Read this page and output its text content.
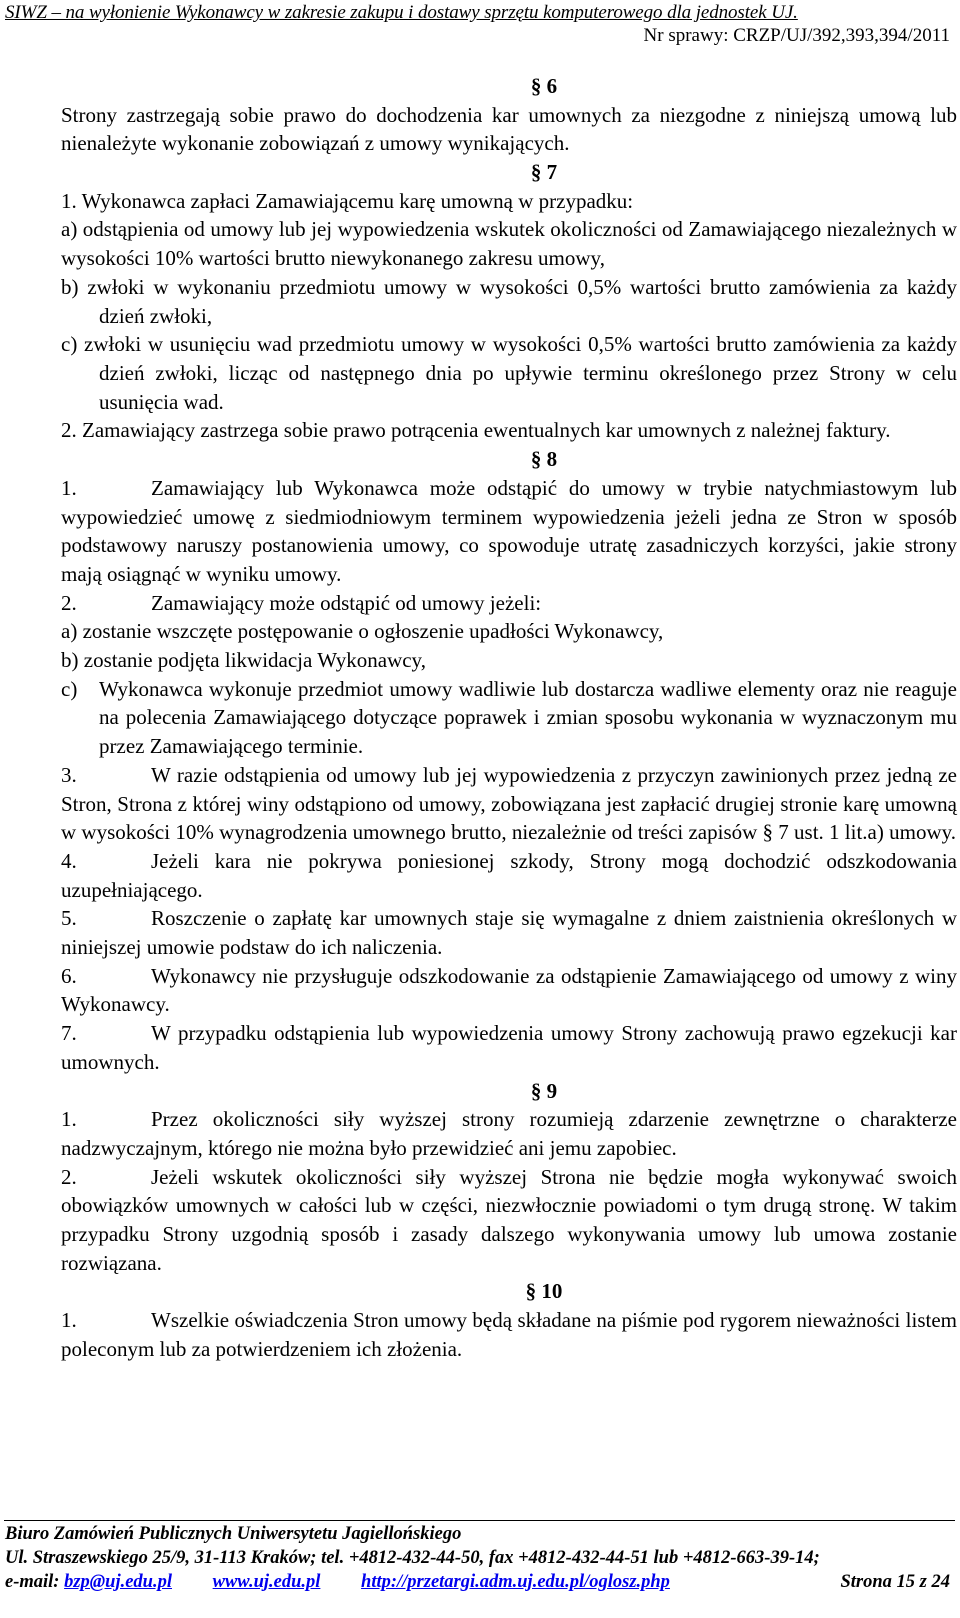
SIWZ – na wyłonienie Wykonawcy w zakresie zakupu i dostawy sprzętu komputerowego dla jednostek UJ.
Nr sprawy: CRZP/UJ/392,393,394/2011

§ 6

Strony zastrzegają sobie prawo do dochodzenia kar umownych za niezgodne z niniejszą umową lub nienależyte wykonanie zobowiązań z umowy wynikających.

§ 7

1. Wykonawca zapłaci Zamawiającemu karę umowną w przypadku:

a) odstąpienia od umowy lub jej wypowiedzenia wskutek okoliczności od Zamawiającego niezależnych w wysokości 10% wartości brutto niewykonanego zakresu umowy,

b) zwłoki w wykonaniu przedmiotu umowy w wysokości 0,5% wartości brutto zamówienia za każdy dzień zwłoki,

c) zwłoki w usunięciu wad przedmiotu umowy w wysokości 0,5% wartości brutto zamówienia za każdy dzień zwłoki, licząc od następnego dnia po upływie terminu określonego przez Strony w celu usunięcia wad.

2. Zamawiający zastrzega sobie prawo potrącenia ewentualnych kar umownych z należnej faktury.

§ 8

1.	Zamawiający lub Wykonawca może odstąpić do umowy w trybie natychmiastowym lub wypowiedzieć umowę z siedmiodniowym terminem wypowiedzenia jeżeli jedna ze Stron w sposób podstawowy naruszy postanowienia umowy, co spowoduje utratę zasadniczych korzyści, jakie strony mają osiągnąć w wyniku umowy.

2.	Zamawiający może odstąpić od umowy jeżeli:

a) zostanie wszczęte postępowanie o ogłoszenie upadłości Wykonawcy,

b) zostanie podjęta likwidacja Wykonawcy,

c) Wykonawca wykonuje przedmiot umowy wadliwie lub dostarcza wadliwe elementy oraz nie reaguje na polecenia Zamawiającego dotyczące poprawek i zmian sposobu wykonania w wyznaczonym mu przez Zamawiającego terminie.

3.	W razie odstąpienia od umowy lub jej wypowiedzenia z przyczyn zawinionych przez jedną ze Stron, Strona z której winy odstąpiono od umowy, zobowiązana jest zapłacić drugiej stronie karę umowną w wysokości 10% wynagrodzenia umownego brutto, niezależnie od treści zapisów § 7 ust. 1 lit.a) umowy.

4.	Jeżeli kara nie pokrywa poniesionej szkody, Strony mogą dochodzić odszkodowania uzupełniającego.

5.	Roszczenie o zapłatę kar umownych staje się wymagalne z dniem zaistnienia określonych w niniejszej umowie podstaw do ich naliczenia.

6.	Wykonawcy nie przysługuje odszkodowanie za odstąpienie Zamawiającego od umowy z winy Wykonawcy.

7.	W przypadku odstąpienia lub wypowiedzenia umowy Strony zachowują prawo egzekucji kar umownych.

§ 9

1.	Przez okoliczności siły wyższej strony rozumieją zdarzenie zewnętrzne o charakterze nadzwyczajnym, którego nie można było przewidzieć ani jemu zapobiec.

2.	Jeżeli wskutek okoliczności siły wyższej Strona nie będzie mogła wykonywać swoich obowiązków umownych w całości lub w części, niezwłocznie powiadomi o tym drugą stronę. W takim przypadku Strony uzgodnią sposób i zasady dalszego wykonywania umowy lub umowa zostanie rozwiązana.

§ 10

1.	Wszelkie oświadczenia Stron umowy będą składane na piśmie pod rygorem nieważności listem poleconym lub za potwierdzeniem ich złożenia.

Biuro Zamówień Publicznych Uniwersytetu Jagiellońskiego
Ul. Straszewskiego 25/9, 31-113 Kraków; tel. +4812-432-44-50, fax +4812-432-44-51 lub +4812-663-39-14;
e-mail: bzp@uj.edu.pl www.uj.edu.pl http://przetargi.adm.uj.edu.pl/oglosz.php	Strona 15 z 24
